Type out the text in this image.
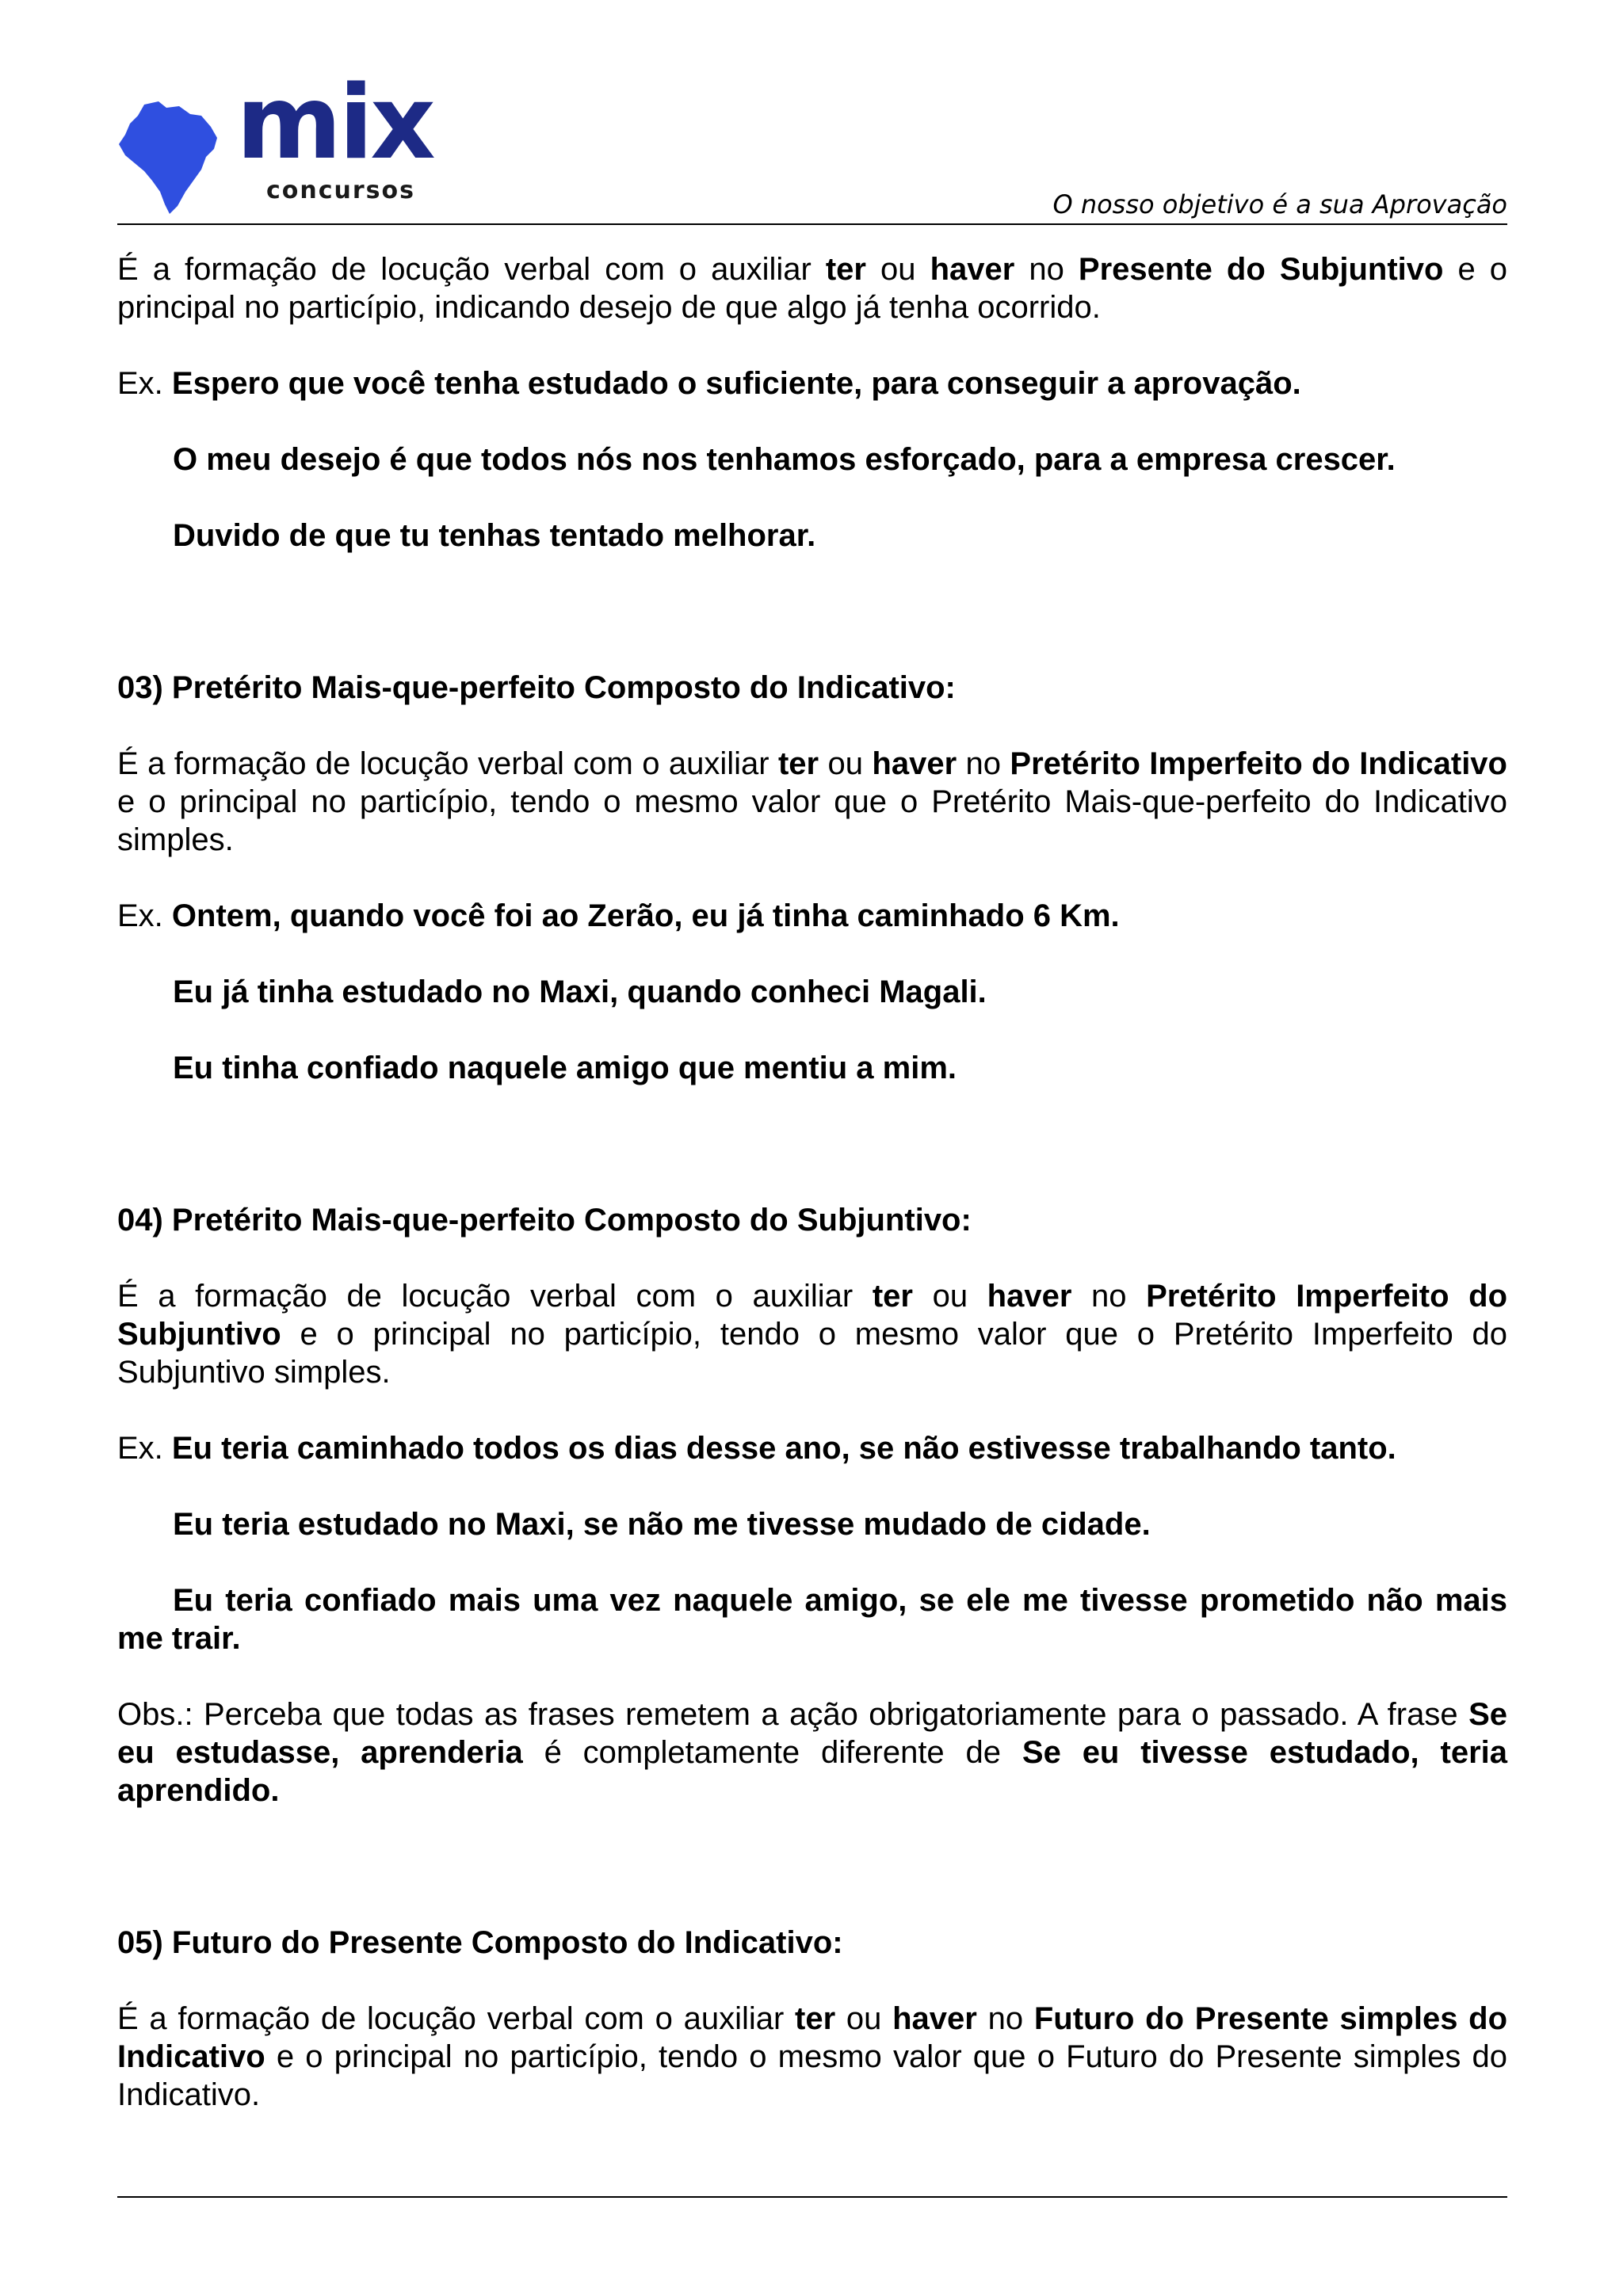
mix
concursos	O nosso objetivo é a sua Aprovação

É a formação de locução verbal com o auxiliar ter ou haver no Presente do Subjuntivo e o principal no particípio, indicando desejo de que algo já tenha ocorrido.

Ex. Espero que você tenha estudado o suficiente, para conseguir a aprovação.

O meu desejo é que todos nós nos tenhamos esforçado, para a empresa crescer.

Duvido de que tu tenhas tentado melhorar.

03) Pretérito Mais-que-perfeito Composto do Indicativo:

É a formação de locução verbal com o auxiliar ter ou haver no Pretérito Imperfeito do Indicativo e o principal no particípio, tendo o mesmo valor que o Pretérito Mais-que-perfeito do Indicativo simples.

Ex. Ontem, quando você foi ao Zerão, eu já tinha caminhado 6 Km.

Eu já tinha estudado no Maxi, quando conheci Magali.

Eu tinha confiado naquele amigo que mentiu a mim.

04) Pretérito Mais-que-perfeito Composto do Subjuntivo:

É a formação de locução verbal com o auxiliar ter ou haver no Pretérito Imperfeito do Subjuntivo e o principal no particípio, tendo o mesmo valor que o Pretérito Imperfeito do Subjuntivo simples.

Ex. Eu teria caminhado todos os dias desse ano, se não estivesse trabalhando tanto.

Eu teria estudado no Maxi, se não me tivesse mudado de cidade.

Eu teria confiado mais uma vez naquele amigo, se ele me tivesse prometido não mais me trair.

Obs.: Perceba que todas as frases remetem a ação obrigatoriamente para o passado. A frase Se eu estudasse, aprenderia é completamente diferente de Se eu tivesse estudado, teria aprendido.

05) Futuro do Presente Composto do Indicativo:

É a formação de locução verbal com o auxiliar ter ou haver no Futuro do Presente simples do Indicativo e o principal no particípio, tendo o mesmo valor que o Futuro do Presente simples do Indicativo.
